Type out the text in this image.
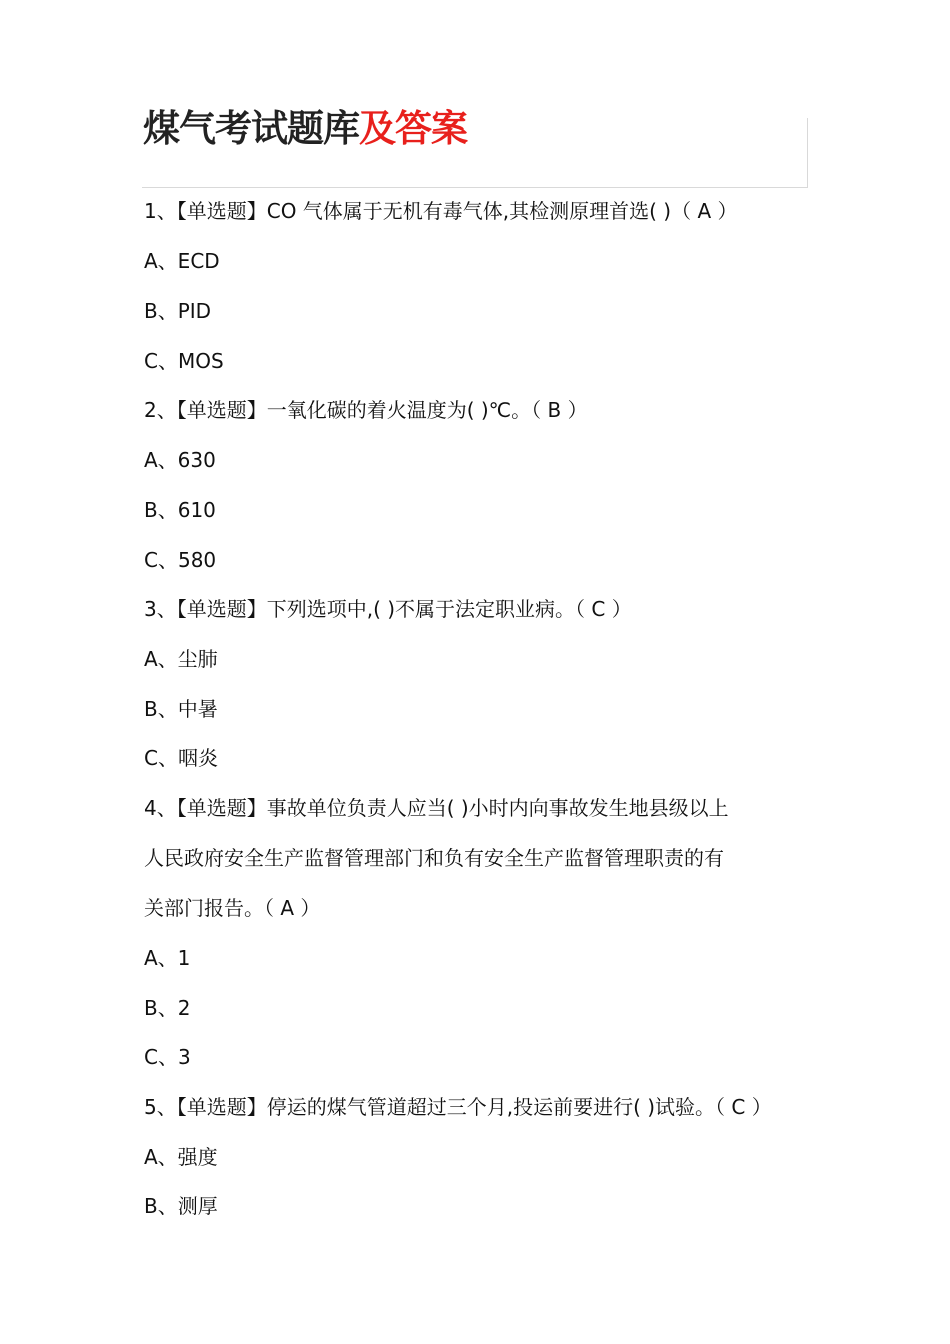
煤气考试题库及答案
1、【单选题】CO 气体属于无机有毒气体,其检测原理首选( )（ A ）
A、ECD
B、PID
C、MOS
2、【单选题】一氧化碳的着火温度为( )℃。（ B ）
A、630
B、610
C、580
3、【单选题】下列选项中,( )不属于法定职业病。（ C ）
A、尘肺
B、中暑
C、咽炎
4、【单选题】事故单位负责人应当( )小时内向事故发生地县级以上
人民政府安全生产监督管理部门和负有安全生产监督管理职责的有
关部门报告。（ A ）
A、1
B、2
C、3
5、【单选题】停运的煤气管道超过三个月,投运前要进行( )试验。（ C ）
A、强度
B、测厚
